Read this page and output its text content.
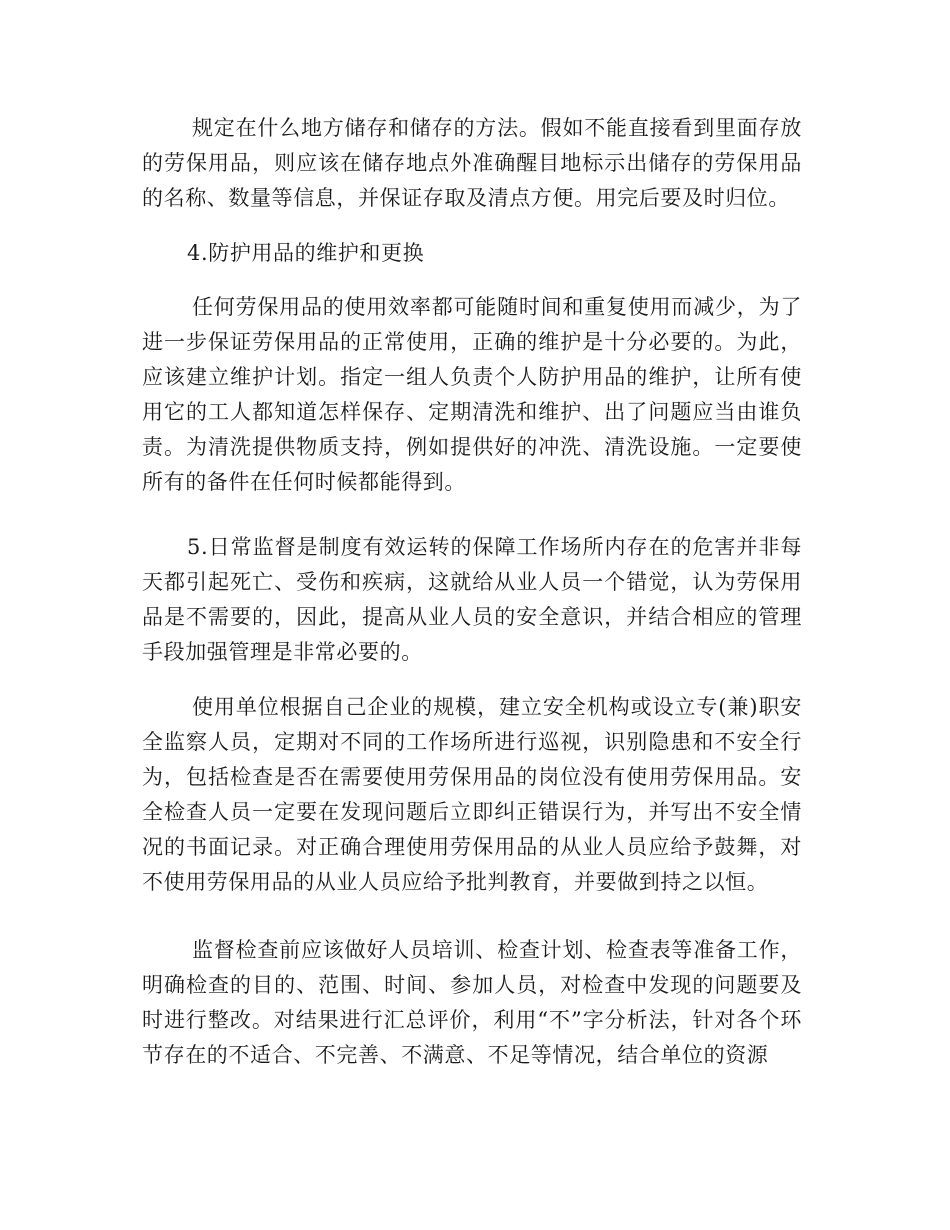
规定在什么地方储存和储存的方法。假如不能直接看到里面存放的劳保用品，则应该在储存地点外准确醒目地标示出储存的劳保用品的名称、数量等信息，并保证存取及清点方便。用完后要及时归位。

4.防护用品的维护和更换

任何劳保用品的使用效率都可能随时间和重复使用而减少，为了进一步保证劳保用品的正常使用，正确的维护是十分必要的。为此，应该建立维护计划。指定一组人负责个人防护用品的维护，让所有使用它的工人都知道怎样保存、定期清洗和维护、出了问题应当由谁负责。为清洗提供物质支持，例如提供好的冲洗、清洗设施。一定要使所有的备件在任何时候都能得到。

5.日常监督是制度有效运转的保障工作场所内存在的危害并非每天都引起死亡、受伤和疾病，这就给从业人员一个错觉，认为劳保用品是不需要的，因此，提高从业人员的安全意识，并结合相应的管理手段加强管理是非常必要的。

使用单位根据自己企业的规模，建立安全机构或设立专(兼)职安全监察人员，定期对不同的工作场所进行巡视，识别隐患和不安全行为，包括检查是否在需要使用劳保用品的岗位没有使用劳保用品。安全检查人员一定要在发现问题后立即纠正错误行为，并写出不安全情况的书面记录。对正确合理使用劳保用品的从业人员应给予鼓舞，对不使用劳保用品的从业人员应给予批判教育，并要做到持之以恒。

监督检查前应该做好人员培训、检查计划、检查表等准备工作，明确检查的目的、范围、时间、参加人员，对检查中发现的问题要及时进行整改。对结果进行汇总评价，利用“不”字分析法，针对各个环节存在的不适合、不完善、不满意、不足等情况，结合单位的资源
